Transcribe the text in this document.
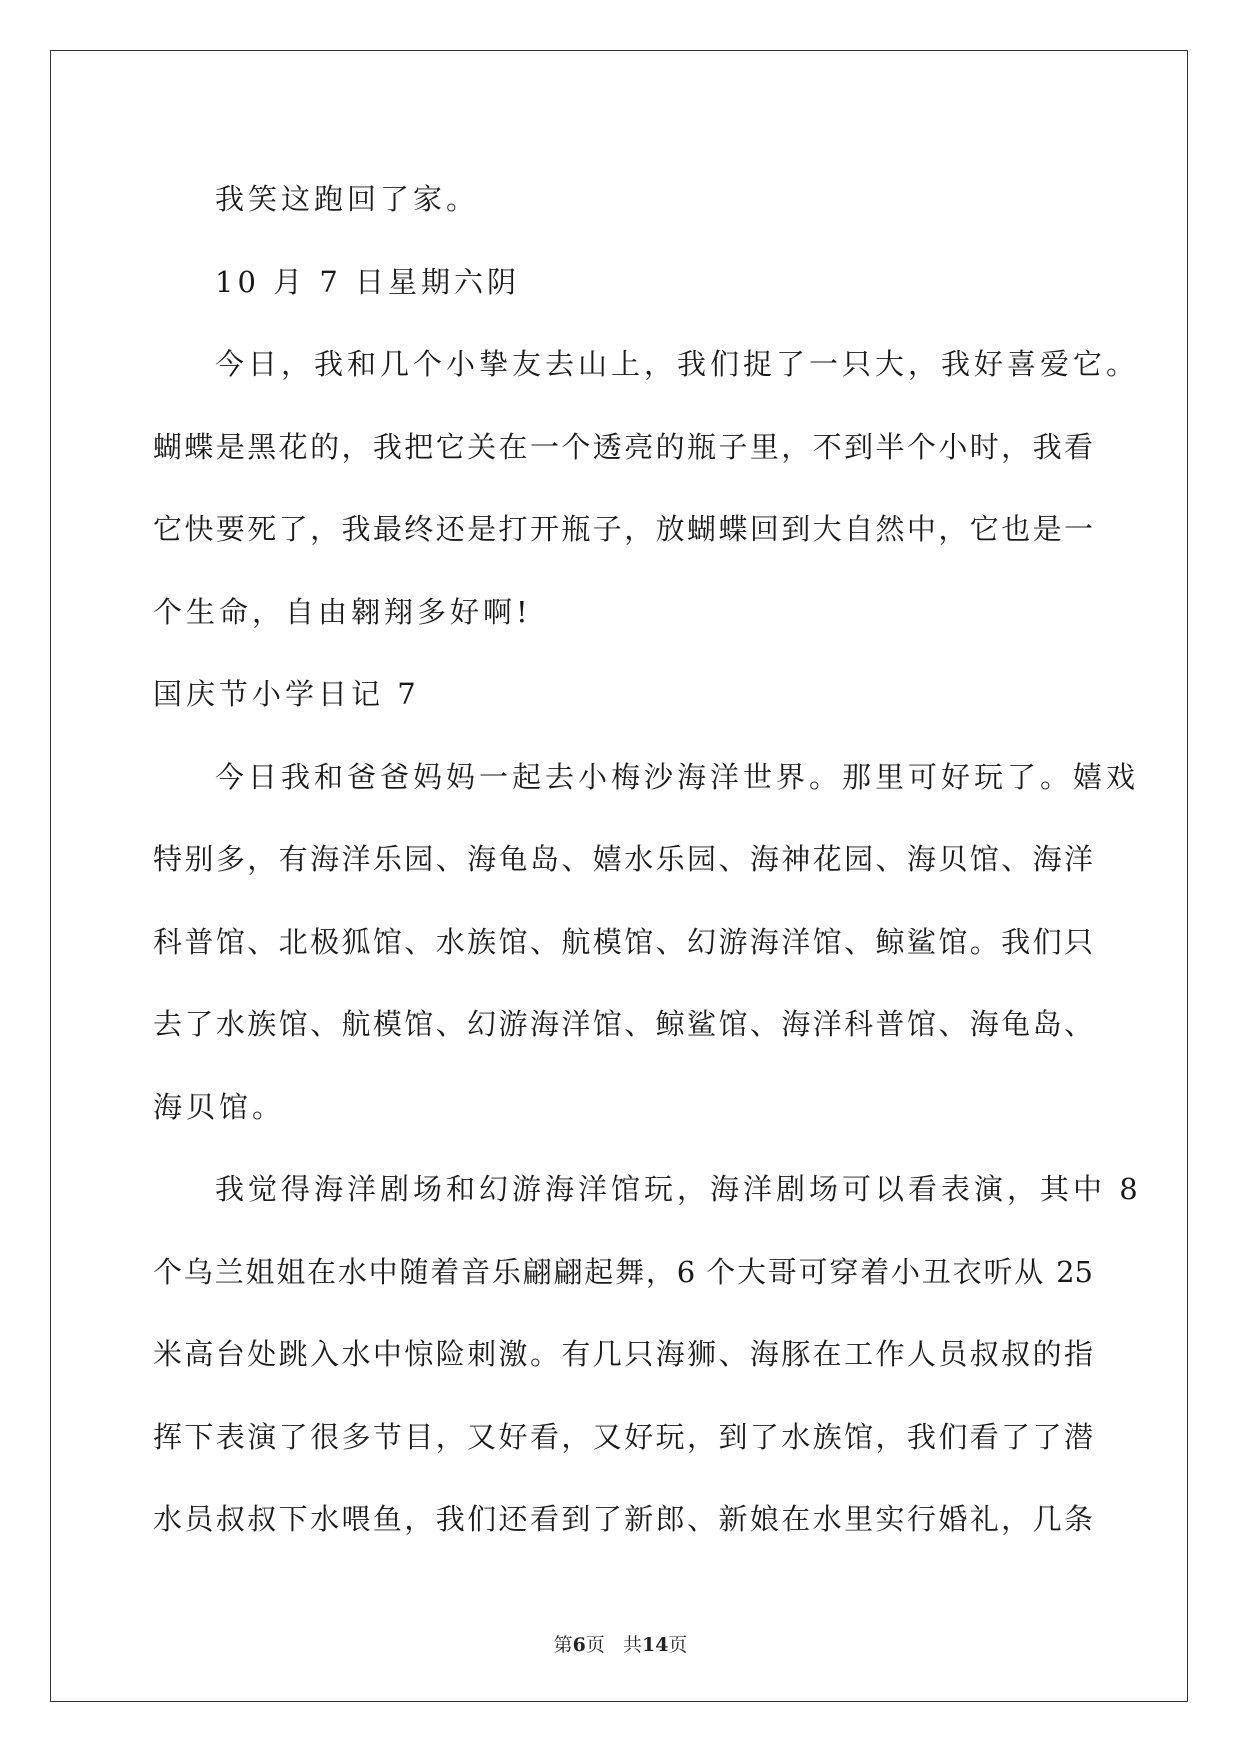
我笑这跑回了家。
10 月 7 日星期六阴
今日，我和几个小挚友去山上，我们捉了一只大，我好喜爱它。
蝴蝶是黑花的，我把它关在一个透亮的瓶子里，不到半个小时，我看
它快要死了，我最终还是打开瓶子，放蝴蝶回到大自然中，它也是一
个生命，自由翱翔多好啊!
国庆节小学日记 7
今日我和爸爸妈妈一起去小梅沙海洋世界。那里可好玩了。嬉戏
特别多，有海洋乐园、海龟岛、嬉水乐园、海神花园、海贝馆、海洋
科普馆、北极狐馆、水族馆、航模馆、幻游海洋馆、鲸鲨馆。我们只
去了水族馆、航模馆、幻游海洋馆、鲸鲨馆、海洋科普馆、海龟岛、
海贝馆。
我觉得海洋剧场和幻游海洋馆玩，海洋剧场可以看表演，其中 8
个乌兰姐姐在水中随着音乐翩翩起舞，6 个大哥可穿着小丑衣听从 25
米高台处跳入水中惊险刺激。有几只海狮、海豚在工作人员叔叔的指
挥下表演了很多节目，又好看，又好玩，到了水族馆，我们看了了潜
水员叔叔下水喂鱼，我们还看到了新郎、新娘在水里实行婚礼，几条
第6页 共14页
